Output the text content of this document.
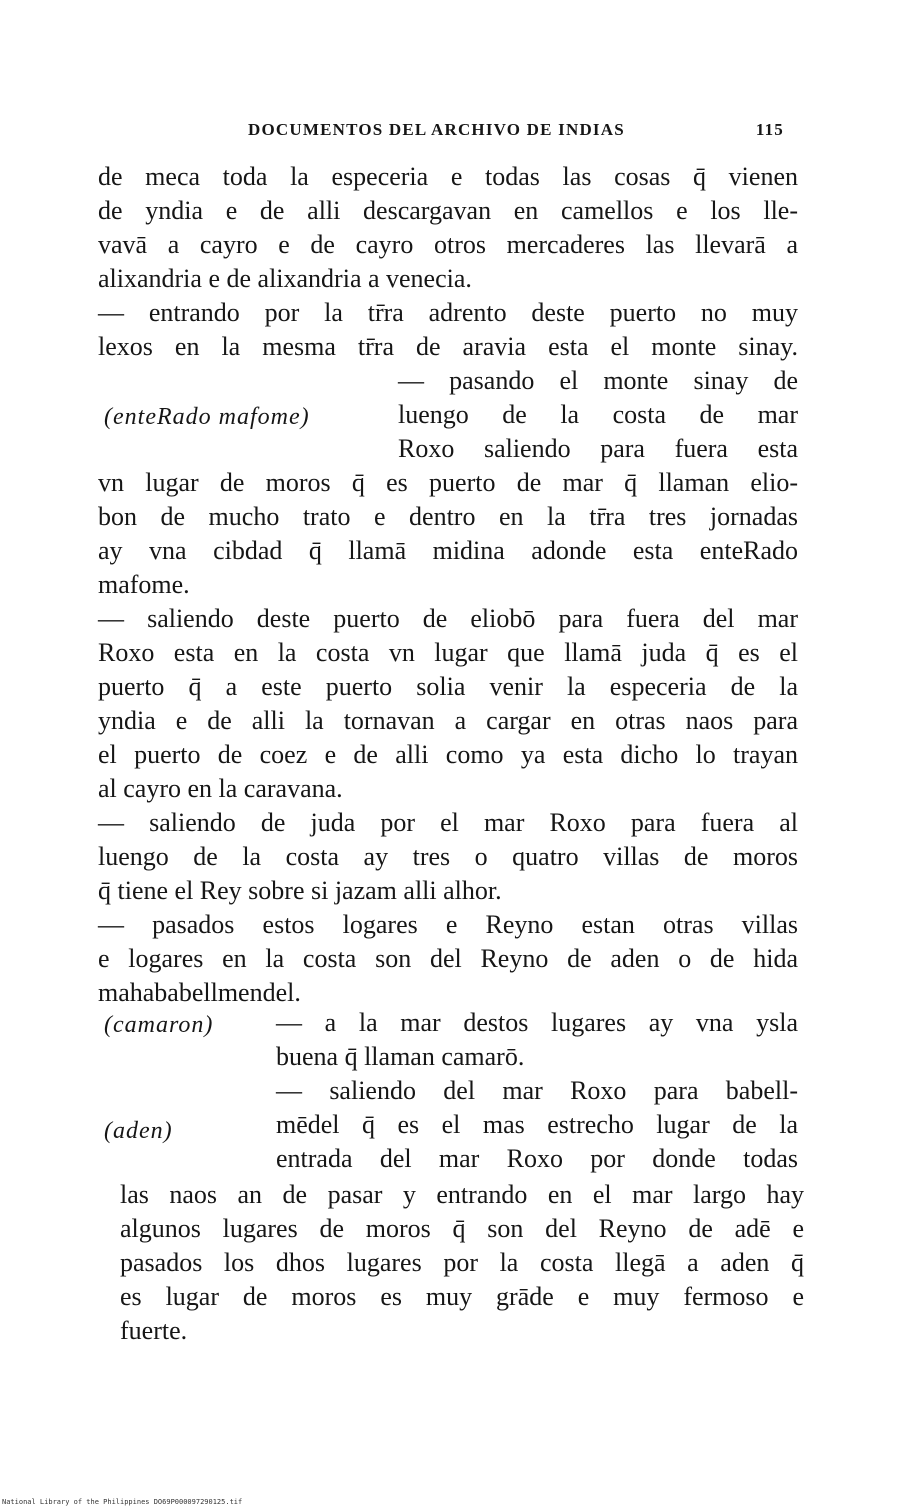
DOCUMENTOS DEL ARCHIVO DE INDIAS	115
de meca toda la especeria e todas las cosas q̄ vienen
de yndia e de alli descargavan en camellos e los lle-
vavā a cayro e de cayro otros mercaderes las llevarā a
alixandria e de alixandria a venecia.
— entrando por la tr̄ra adrento deste puerto no muy
lexos en la mesma tr̄ra de aravia esta el monte sinay.
(enteRado mafome)
— pasando el monte sinay de
luengo de la costa de mar
Roxo saliendo para fuera esta
vn lugar de moros q̄ es puerto de mar q̄ llaman elio-
bon de mucho trato e dentro en la tr̄ra tres jornadas
ay vna cibdad q̄ llamā midina adonde esta enteRado
mafome.
— saliendo deste puerto de eliobō para fuera del mar
Roxo esta en la costa vn lugar que llamā juda q̄ es el
puerto q̄ a este puerto solia venir la especeria de la
yndia e de alli la tornavan a cargar en otras naos para
el puerto de coez e de alli como ya esta dicho lo trayan
al cayro en la caravana.
— saliendo de juda por el mar Roxo para fuera al
luengo de la costa ay tres o quatro villas de moros
q̄ tiene el Rey sobre si jazam alli alhor.
— pasados estos logares e Reyno estan otras villas
e logares en la costa son del Reyno de aden o de hida
mahababellmendel.
(camaron) — a la mar destos lugares ay vna ysla
buena q̄ llaman camarō.
(aden)
— saliendo del mar Roxo para babell-
mēdel q̄ es el mas estrecho lugar de la
entrada del mar Roxo por donde todas
las naos an de pasar y entrando en el mar largo hay
algunos lugares de moros q̄ son del Reyno de adē e
pasados los dhos lugares por la costa llegā a aden q̄
es lugar de moros es muy grāde e muy fermoso e
fuerte.
National Library of the Philippines DO69P000097290125.tif
